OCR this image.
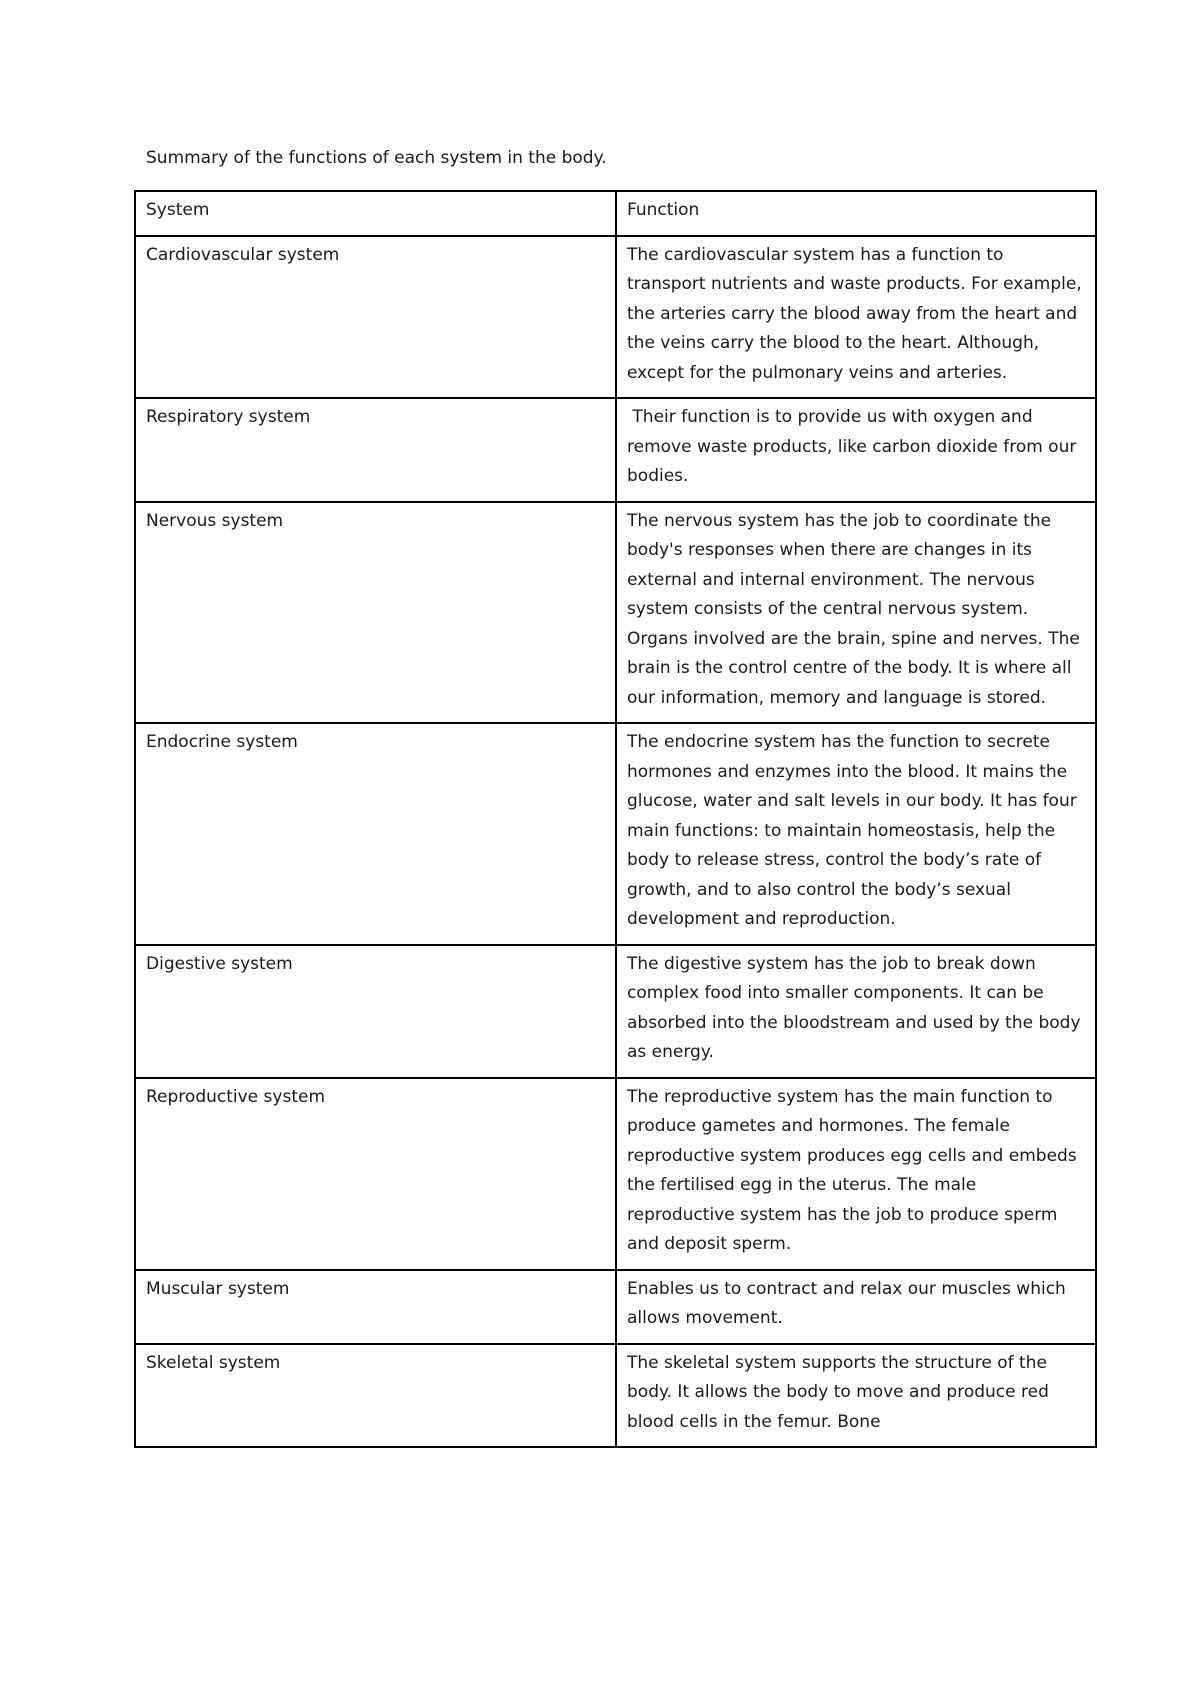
Summary of the functions of each system in the body.

System	Function
Cardiovascular system	The cardiovascular system has a function to transport nutrients and waste products. For example, the arteries carry the blood away from the heart and the veins carry the blood to the heart. Although, except for the pulmonary veins and arteries.
Respiratory system	Their function is to provide us with oxygen and remove waste products, like carbon dioxide from our bodies.
Nervous system	The nervous system has the job to coordinate the body's responses when there are changes in its external and internal environment. The nervous system consists of the central nervous system. Organs involved are the brain, spine and nerves. The brain is the control centre of the body. It is where all our information, memory and language is stored.
Endocrine system	The endocrine system has the function to secrete hormones and enzymes into the blood. It mains the glucose, water and salt levels in our body. It has four main functions: to maintain homeostasis, help the body to release stress, control the body’s rate of growth, and to also control the body’s sexual development and reproduction.
Digestive system	The digestive system has the job to break down complex food into smaller components. It can be absorbed into the bloodstream and used by the body as energy.
Reproductive system	The reproductive system has the main function to produce gametes and hormones. The female reproductive system produces egg cells and embeds the fertilised egg in the uterus. The male reproductive system has the job to produce sperm and deposit sperm.
Muscular system	Enables us to contract and relax our muscles which allows movement.
Skeletal system	The skeletal system supports the structure of the body. It allows the body to move and produce red blood cells in the femur. Bone
